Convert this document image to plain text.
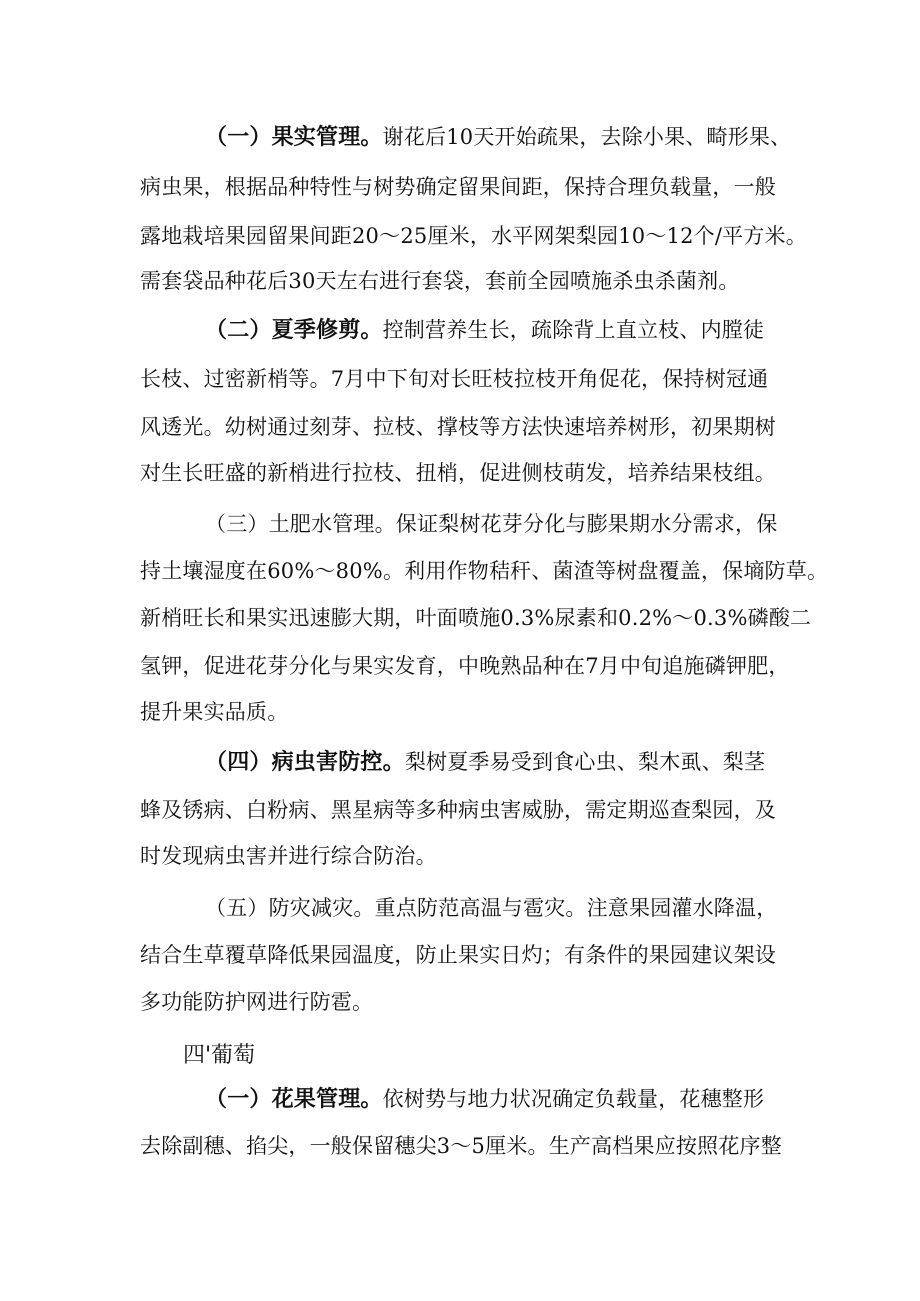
（一）果实管理。谢花后10天开始疏果，去除小果、畸形果、
病虫果，根据品种特性与树势确定留果间距，保持合理负载量，一般
露地栽培果园留果间距20～25厘米，水平网架梨园10～12个/平方米。
需套袋品种花后30天左右进行套袋，套前全园喷施杀虫杀菌剂。
（二）夏季修剪。控制营养生长，疏除背上直立枝、内膛徒
长枝、过密新梢等。7月中下旬对长旺枝拉枝开角促花，保持树冠通
风透光。幼树通过刻芽、拉枝、撑枝等方法快速培养树形，初果期树
对生长旺盛的新梢进行拉枝、扭梢，促进侧枝萌发，培养结果枝组。
（三）土肥水管理。保证梨树花芽分化与膨果期水分需求，保
持土壤湿度在60%～80%。利用作物秸秆、菌渣等树盘覆盖，保墒防草。
新梢旺长和果实迅速膨大期，叶面喷施0.3%尿素和0.2%～0.3%磷酸二
氢钾，促进花芽分化与果实发育，中晚熟品种在7月中旬追施磷钾肥，
提升果实品质。
（四）病虫害防控。梨树夏季易受到食心虫、梨木虱、梨茎
蜂及锈病、白粉病、黑星病等多种病虫害威胁，需定期巡查梨园，及
时发现病虫害并进行综合防治。
（五）防灾减灾。重点防范高温与雹灾。注意果园灌水降温，
结合生草覆草降低果园温度，防止果实日灼；有条件的果园建议架设
多功能防护网进行防雹。
四'葡萄
（一）花果管理。依树势与地力状况确定负载量，花穗整形
去除副穗、掐尖，一般保留穗尖3～5厘米。生产高档果应按照花序整
